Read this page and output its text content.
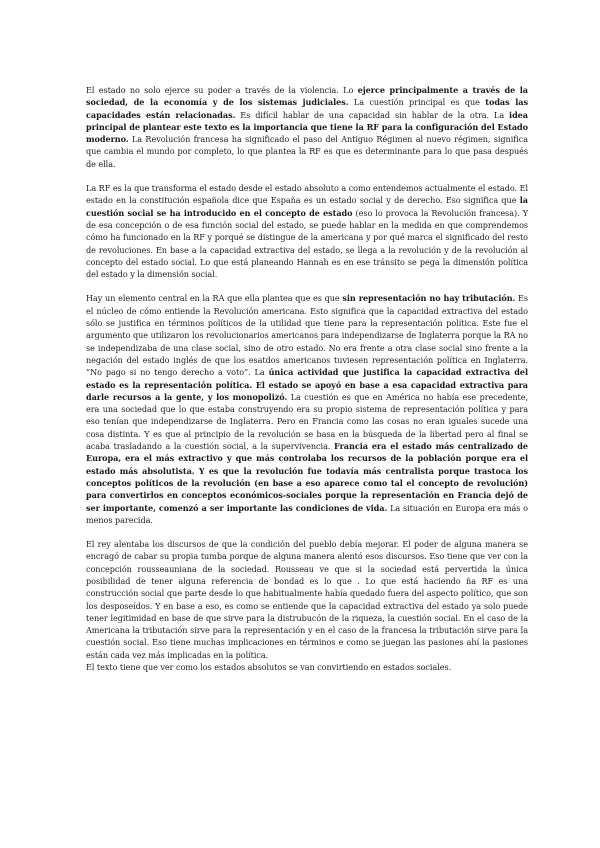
El estado no solo ejerce su poder a través de la violencia. Lo ejerce principalmente a través de la sociedad, de la economía y de los sistemas judiciales. La cuestión principal es que todas las capacidades están relacionadas. Es difícil hablar de una capacidad sin hablar de la otra. La idea principal de plantear este texto es la importancia que tiene la RF para la configuración del Estado moderno. La Revolución francesa ha significado el paso del Antiguo Régimen al nuevo régimen, significa que cambia el mundo por completo, lo que plantea la RF es que es determinante para lo que pasa después de ella.

La RF es la que transforma el estado desde el estado absoluto a como entendemos actualmente el estado. El estado en la constitución española dice que España es un estado social y de derecho. Eso significa que la cuestión social se ha introducido en el concepto de estado (eso lo provoca la Revolución francesa). Y de esa concepción o de esa función social del estado, se puede hablar en la medida en que comprendemos cómo ha funcionado en la RF y porqué se distingue de la americana y por qué marca el significado del resto de revoluciones. En base a la capacidad extractiva del estado, se llega a la revolución y de la revolución al concepto del estado social. Lo que está planeando Hannah es en ese tránsito se pega la dimensión política del estado y la dimensión social.

Hay un elemento central en la RA que ella plantea que es que sin representación no hay tributación. Es el núcleo de cómo entiende la Revolución americana. Esto significa que la capacidad extractiva del estado sólo se justifica en términos políticos de la utilidad que tiene para la representación política. Este fue el argumento que utilizaron los revolucionarios americanos para independizarse de Inglaterra porque la RA no se independizaba de una clase social, sino de otro estado. No era frente a otra clase social sino frente a la negación del estado inglés de que los esatdos americanos tuviesen representación política en Inglaterra. “No pago si no tengo derecho a voto”. La única actividad que justifica la capacidad extractiva del estado es la representación política. El estado se apoyó en base a esa capacidad extractiva para darle recursos a la gente, y los monopolizó. La cuestión es que en América no había ese precedente, era una sociedad que lo que estaba construyendo era su propio sistema de representación política y para eso tenían que independizarse de Inglaterra. Pero en Francia como las cosas no eran iguales sucede una cosa distinta. Y es que al principio de la revolución se basa en la búsqueda de la libertad pero al final se acaba trasladando a la cuestión social, a la supervivencia. Francia era el estado más centralizado de Europa, era el más extractivo y que más controlaba los recursos de la población porque era el estado más absolutista. Y es que la revolución fue todavía más centralista porque trastoca los conceptos políticos de la revolución (en base a eso aparece como tal el concepto de revolución) para convertirlos en conceptos económicos-sociales porque la representación en Francia dejó de ser importante, comenzó a ser importante las condiciones de vida. La situación en Europa era más o menos parecida.

El rey alentaba los discursos de que la condición del pueblo debía mejorar. El poder de alguna manera se encragó de cabar su propia tumba porque de alguna manera alentó esos discursos. Eso tiene que ver con la concepción rousseauniana de la sociedad. Rousseau ve que si la sociedad está pervertida la única posibilidad de tener alguna referencia de bondad es lo que . Lo que está haciendo ña RF es una construcción social que parte desde lo que habitualmente había quedado fuera del aspecto político, que son los desposeídos. Y en base a eso, es como se entiende que la capacidad extractiva del estado ya solo puede tener legitimidad en base de que sirve para la distrubucón de la riqueza, la cuestión social. En el caso de la Americana la tributación sirve para la representación y en el caso de la francesa la tributación sirve para la cuestión social. Eso tiene muchas implicaciones en términos e como se juegan las pasiones ahí la pasiones están cada vez más implicadas en la política.

El texto tiene que ver como los estados absolutos se van convirtiendo en estados sociales.
